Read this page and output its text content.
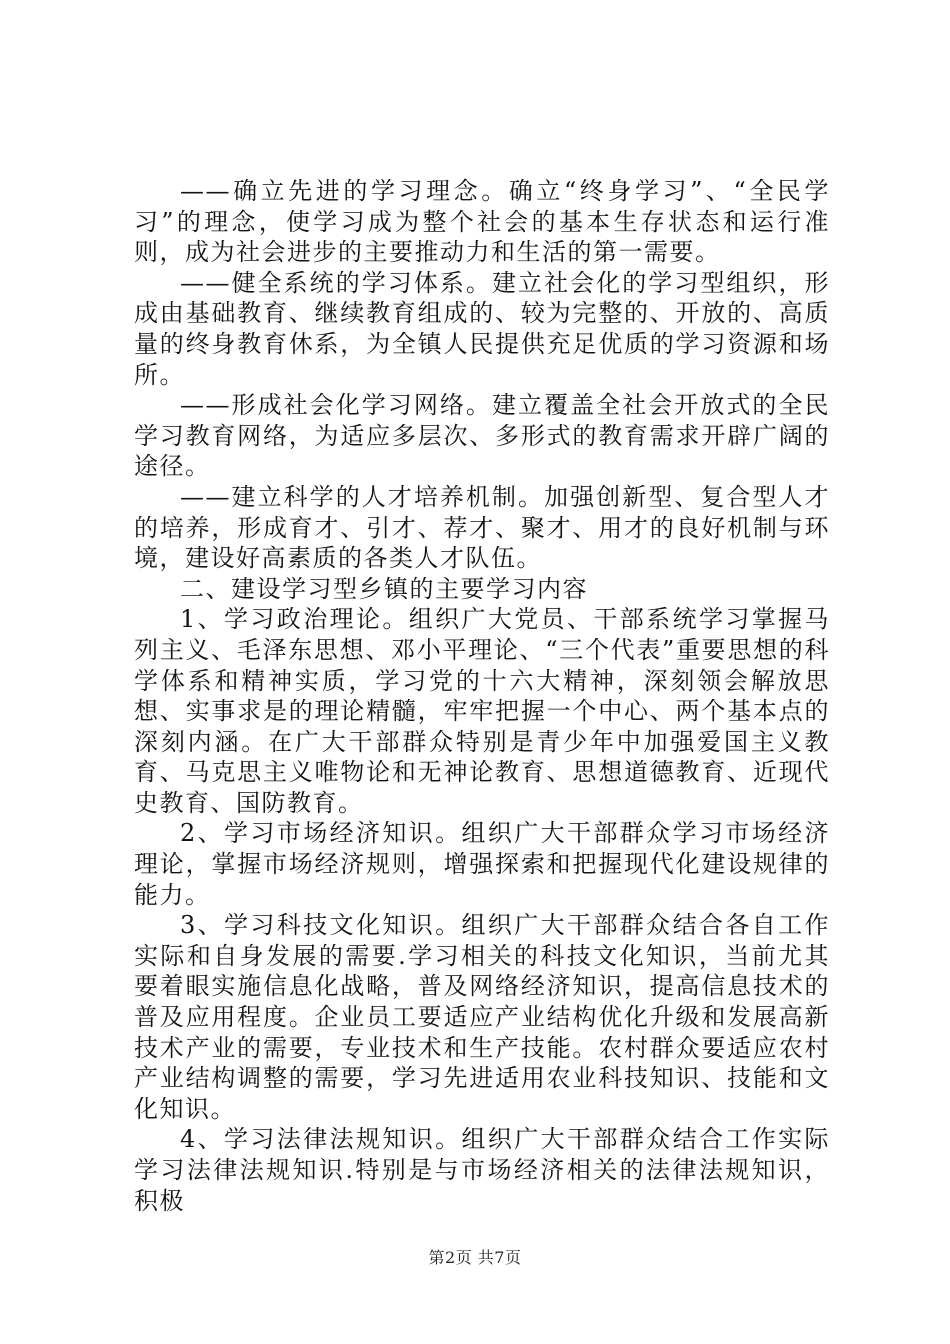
——确立先进的学习理念。确立“终身学习”、“全民学习”的理念，使学习成为整个社会的基本生存状态和运行准则，成为社会进步的主要推动力和生活的第一需要。

——健全系统的学习体系。建立社会化的学习型组织，形成由基础教育、继续教育组成的、较为完整的、开放的、高质量的终身教育休系，为全镇人民提供充足优质的学习资源和场所。

——形成社会化学习网络。建立覆盖全社会开放式的全民学习教育网络，为适应多层次、多形式的教育需求开辟广阔的途径。

——建立科学的人才培养机制。加强创新型、复合型人才的培养，形成育才、引才、荐才、聚才、用才的良好机制与环境，建设好高素质的各类人才队伍。

二、建设学习型乡镇的主要学习内容

1、学习政治理论。组织广大党员、干部系统学习掌握马列主义、毛泽东思想、邓小平理论、“三个代表”重要思想的科学体系和精神实质，学习党的十六大精神，深刻领会解放思想、实事求是的理论精髓，牢牢把握一个中心、两个基本点的深刻内涵。在广大干部群众特别是青少年中加强爱国主义教育、马克思主义唯物论和无神论教育、思想道德教育、近现代史教育、国防教育。

2、学习市场经济知识。组织广大干部群众学习市场经济理论，掌握市场经济规则，增强探索和把握现代化建设规律的能力。

3、学习科技文化知识。组织广大干部群众结合各自工作实际和自身发展的需要.学习相关的科技文化知识，当前尤其要着眼实施信息化战略，普及网络经济知识，提高信息技术的普及应用程度。企业员工要适应产业结构优化升级和发展高新技术产业的需要，专业技术和生产技能。农村群众要适应农村产业结构调整的需要，学习先进适用农业科技知识、技能和文化知识。

4、学习法律法规知识。组织广大干部群众结合工作实际学习法律法规知识.特别是与市场经济相关的法律法规知识，积极

第2页 共7页
